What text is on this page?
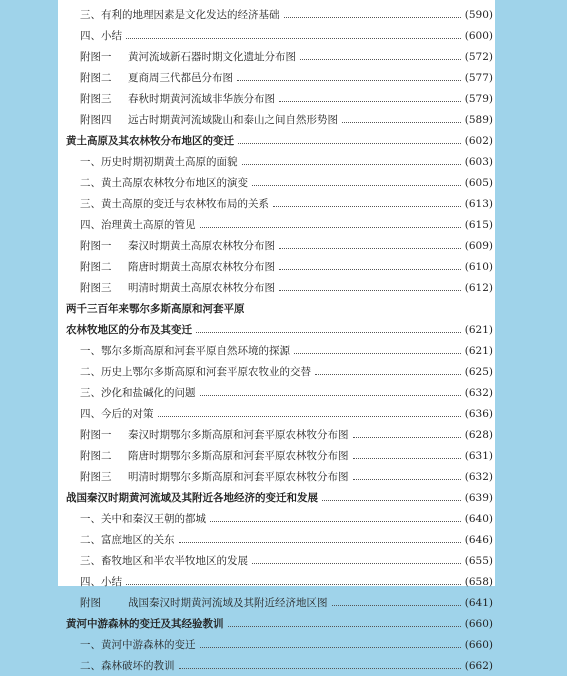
三、有利的地理因素是文化发达的经济基础	(590)
四、小结	(600)
附图一 黄河流域新石器时期文化遗址分布图	(572)
附图二 夏商周三代都邑分布图	(577)
附图三 春秋时期黄河流域非华族分布图	(579)
附图四 远古时期黄河流域陇山和泰山之间自然形势图	(589)
黄土高原及其农林牧分布地区的变迁	(602)
一、历史时期初期黄土高原的面貌	(603)
二、黄土高原农林牧分布地区的演变	(605)
三、黄土高原的变迁与农林牧布局的关系	(613)
四、治理黄土高原的管见	(615)
附图一 秦汉时期黄土高原农林牧分布图	(609)
附图二 隋唐时期黄土高原农林牧分布图	(610)
附图三 明清时期黄土高原农林牧分布图	(612)
两千三百年来鄂尔多斯高原和河套平原
农林牧地区的分布及其变迁	(621)
一、鄂尔多斯高原和河套平原自然环境的探源	(621)
二、历史上鄂尔多斯高原和河套平原农牧业的交替	(625)
三、沙化和盐碱化的问题	(632)
四、今后的对策	(636)
附图一 秦汉时期鄂尔多斯高原和河套平原农林牧分布图	(628)
附图二 隋唐时期鄂尔多斯高原和河套平原农林牧分布图	(631)
附图三 明清时期鄂尔多斯高原和河套平原农林牧分布图	(632)
战国秦汉时期黄河流域及其附近各地经济的变迁和发展	(639)
一、关中和秦汉王朝的都城	(640)
二、富庶地区的关东	(646)
三、畜牧地区和半农半牧地区的发展	(655)
四、小结	(658)
附图	战国秦汉时期黄河流域及其附近经济地区图	(641)
黄河中游森林的变迁及其经验教训	(660)
一、黄河中游森林的变迁	(660)
二、森林破坏的教训	(662)
